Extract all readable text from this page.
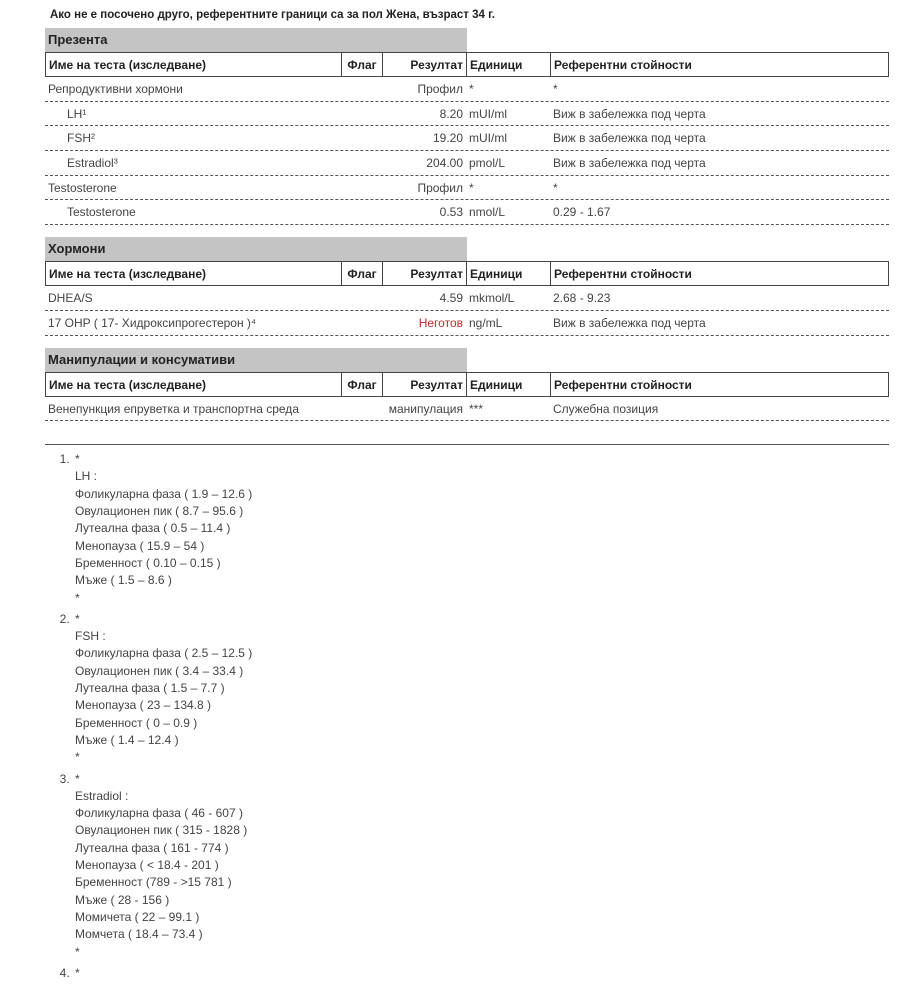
Ако не е посочено друго, референтните граници са за пол Жена, възраст 34 г.
Презента
Име на теста (изследване)	Флаг	Резултат Единици	Референтни стойности
Репродуктивни хормони	Профил *	*
LH¹	8.20 mUI/ml	Виж в забележка под черта
FSH²	19.20 mUI/ml	Виж в забележка под черта
Estradiol³	204.00 pmol/L	Виж в забележка под черта
Testosterone	Профил *	*
Testosterone	0.53 nmol/L	0.29 - 1.67
Хормони
Име на теста (изследване)	Флаг	Резултат Единици	Референтни стойности
DHEA/S	4.59 mkmol/L	2.68 - 9.23
17 OHP ( 17- Хидроксипрогестерон )⁴	Неготов ng/mL	Виж в забележка под черта
Манипулации и консумативи
Име на теста (изследване)	Флаг	Резултат Единици	Референтни стойности
Венепункция епруветка и транспортна среда	манипулация ***	Служебна позиция
1. *
LH :
Фоликуларна фаза ( 1.9 – 12.6 )
Овулационен пик ( 8.7 – 95.6 )
Лутеална фаза ( 0.5 – 11.4 )
Менопауза ( 15.9 – 54 )
Бременност ( 0.10 – 0.15 )
Мъже ( 1.5 – 8.6 )
*
2. *
FSH :
Фоликуларна фаза ( 2.5 – 12.5 )
Овулационен пик ( 3.4 – 33.4 )
Лутеална фаза ( 1.5 – 7.7 )
Менопауза ( 23 – 134.8 )
Бременност ( 0 – 0.9 )
Мъже ( 1.4 – 12.4 )
*
3. *
Estradiol :
Фоликуларна фаза ( 46 - 607 )
Овулационен пик ( 315 - 1828 )
Лутеална фаза ( 161 - 774 )
Менопауза ( < 18.4 - 201 )
Бременност (789 - >15 781 )
Мъже ( 28 - 156 )
Момичета ( 22 – 99.1 )
Момчета ( 18.4 – 73.4 )
*
4. *
